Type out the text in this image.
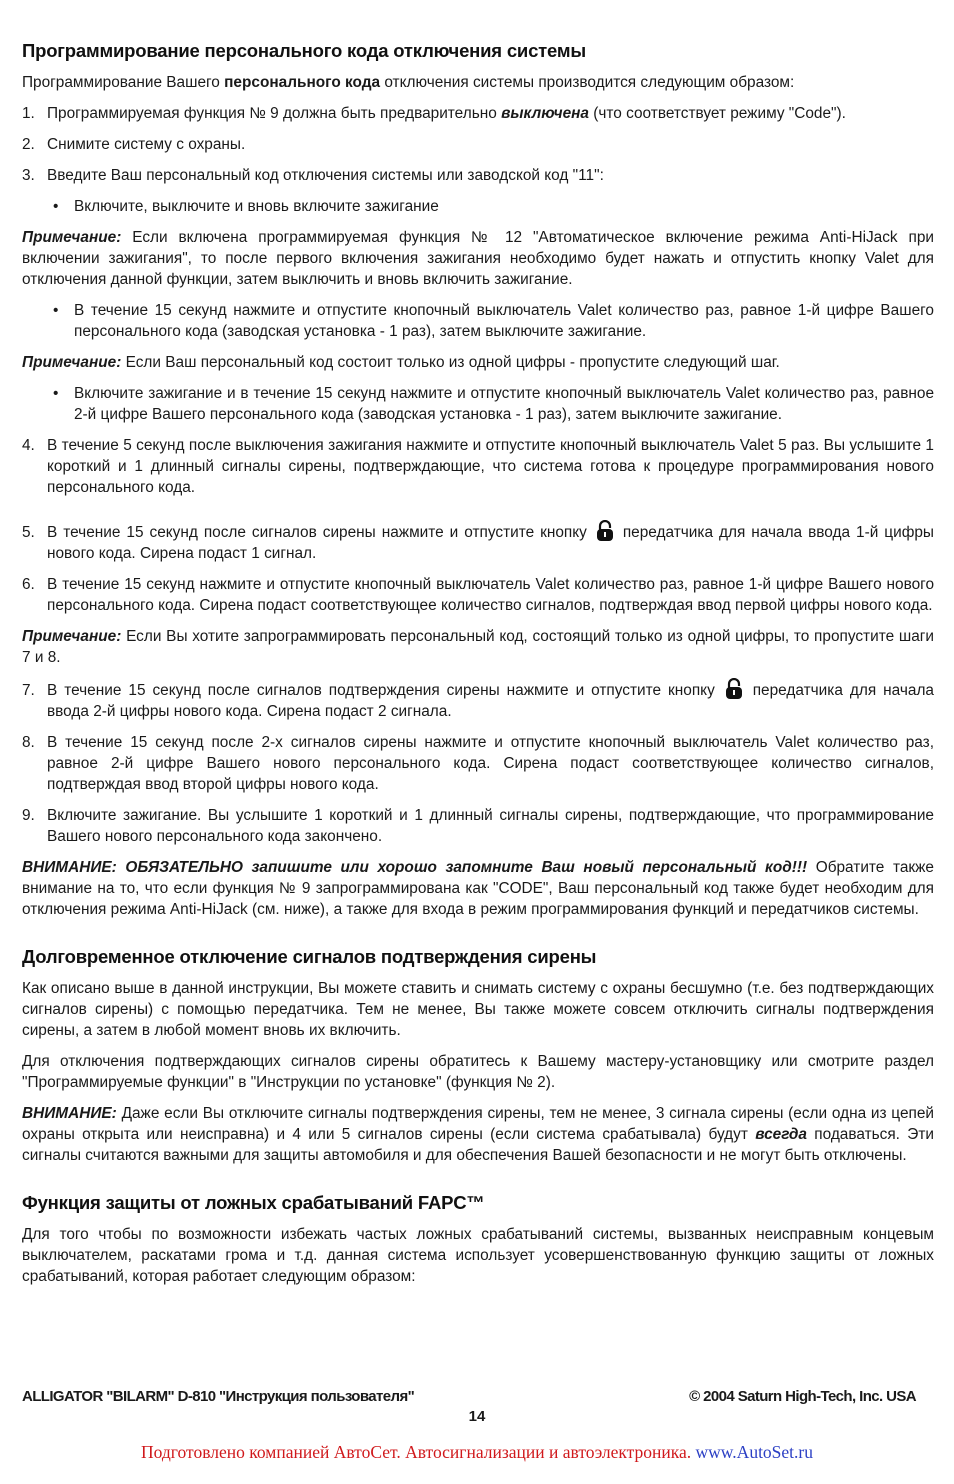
Программирование персонального кода отключения системы

Программирование Вашего персонального кода отключения системы производится следующим образом:

1. Программируемая функция № 9 должна быть предварительно выключена (что соответствует режиму "Code").
2. Снимите систему с охраны.
3. Введите Ваш персональный код отключения системы или заводской код "11":
• Включите, выключите и вновь включите зажигание

Примечание: Если включена программируемая функция № 12 "Автоматическое включение режима Anti-HiJack при включении зажигания", то после первого включения зажигания необходимо будет нажать и отпустить кнопку Valet для отключения данной функции, затем выключить и вновь включить зажигание.

• В течение 15 секунд нажмите и отпустите кнопочный выключатель Valet количество раз, равное 1-й цифре Вашего персонального кода (заводская установка - 1 раз), затем выключите зажигание.

Примечание: Если Ваш персональный код состоит только из одной цифры - пропустите следующий шаг.

• Включите зажигание и в течение 15 секунд нажмите и отпустите кнопочный выключатель Valet количество раз, равное 2-й цифре Вашего персонального кода (заводская установка - 1 раз), затем выключите зажигание.
4. В течение 5 секунд после выключения зажигания нажмите и отпустите кнопочный выключатель Valet 5 раз. Вы услышите 1 короткий и 1 длинный сигналы сирены, подтверждающие, что система готова к процедуре программирования нового персонального кода.
5. В течение 15 секунд после сигналов сирены нажмите и отпустите кнопку
передатчика для начала ввода 1-й цифры нового кода. Сирена подаст 1 сигнал.
6. В течение 15 секунд нажмите и отпустите кнопочный выключатель Valet количество раз, равное 1-й цифре Вашего нового персонального кода. Сирена подаст соответствующее количество сигналов, подтверждая ввод первой цифры нового кода.

Примечание: Если Вы хотите запрограммировать персональный код, состоящий только из одной цифры, то пропустите шаги 7 и 8.

7. В течение 15 секунд после сигналов подтверждения сирены нажмите и отпустите кнопку
передатчика для начала ввода 2-й цифры нового кода. Сирена подаст 2 сигнала.
8. В течение 15 секунд после 2-х сигналов сирены нажмите и отпустите кнопочный выключатель Valet количество раз, равное 2-й цифре Вашего нового персонального кода. Сирена подаст соответствующее количество сигналов, подтверждая ввод второй цифры нового кода.
9. Включите зажигание. Вы услышите 1 короткий и 1 длинный сигналы сирены, подтверждающие, что программирование Вашего нового персонального кода закончено.

ВНИМАНИЕ: ОБЯЗАТЕЛЬНО запишите или хорошо запомните Ваш новый персональный код!!! Обратите также внимание на то, что если функция № 9 запрограммирована как "CODE", Ваш персональный код также будет необходим для отключения режима Anti-HiJack (см. ниже), а также для входа в режим программирования функций и передатчиков системы.

Долговременное отключение сигналов подтверждения сирены

Как описано выше в данной инструкции, Вы можете ставить и снимать систему с охраны бесшумно (т.е. без подтверждающих сигналов сирены) с помощью передатчика. Тем не менее, Вы также можете совсем отключить сигналы подтверждения сирены, а затем в любой момент вновь их включить.

Для отключения подтверждающих сигналов сирены обратитесь к Вашему мастеру-установщику или смотрите раздел "Программируемые функции" в "Инструкции по установке" (функция № 2).

ВНИМАНИЕ: Даже если Вы отключите сигналы подтверждения сирены, тем не менее, 3 сигнала сирены (если одна из цепей охраны открыта или неисправна) и 4 или 5 сигналов сирены (если система срабатывала) будут всегда подаваться. Эти сигналы считаются важными для защиты автомобиля и для обеспечения Вашей безопасности и не могут быть отключены.

Функция защиты от ложных срабатываний FAPC™

Для того чтобы по возможности избежать частых ложных срабатываний системы, вызванных неисправным концевым выключателем, раскатами грома и т.д. данная система использует усовершенствованную функцию защиты от ложных срабатываний, которая работает следующим образом:

ALLIGATOR "BILARM" D-810 "Инструкция пользователя"	© 2004 Saturn High-Tech, Inc. USA
14
Подготовлено компанией АвтоСет. Автосигнализации и автоэлектроника. www.AutoSet.ru
